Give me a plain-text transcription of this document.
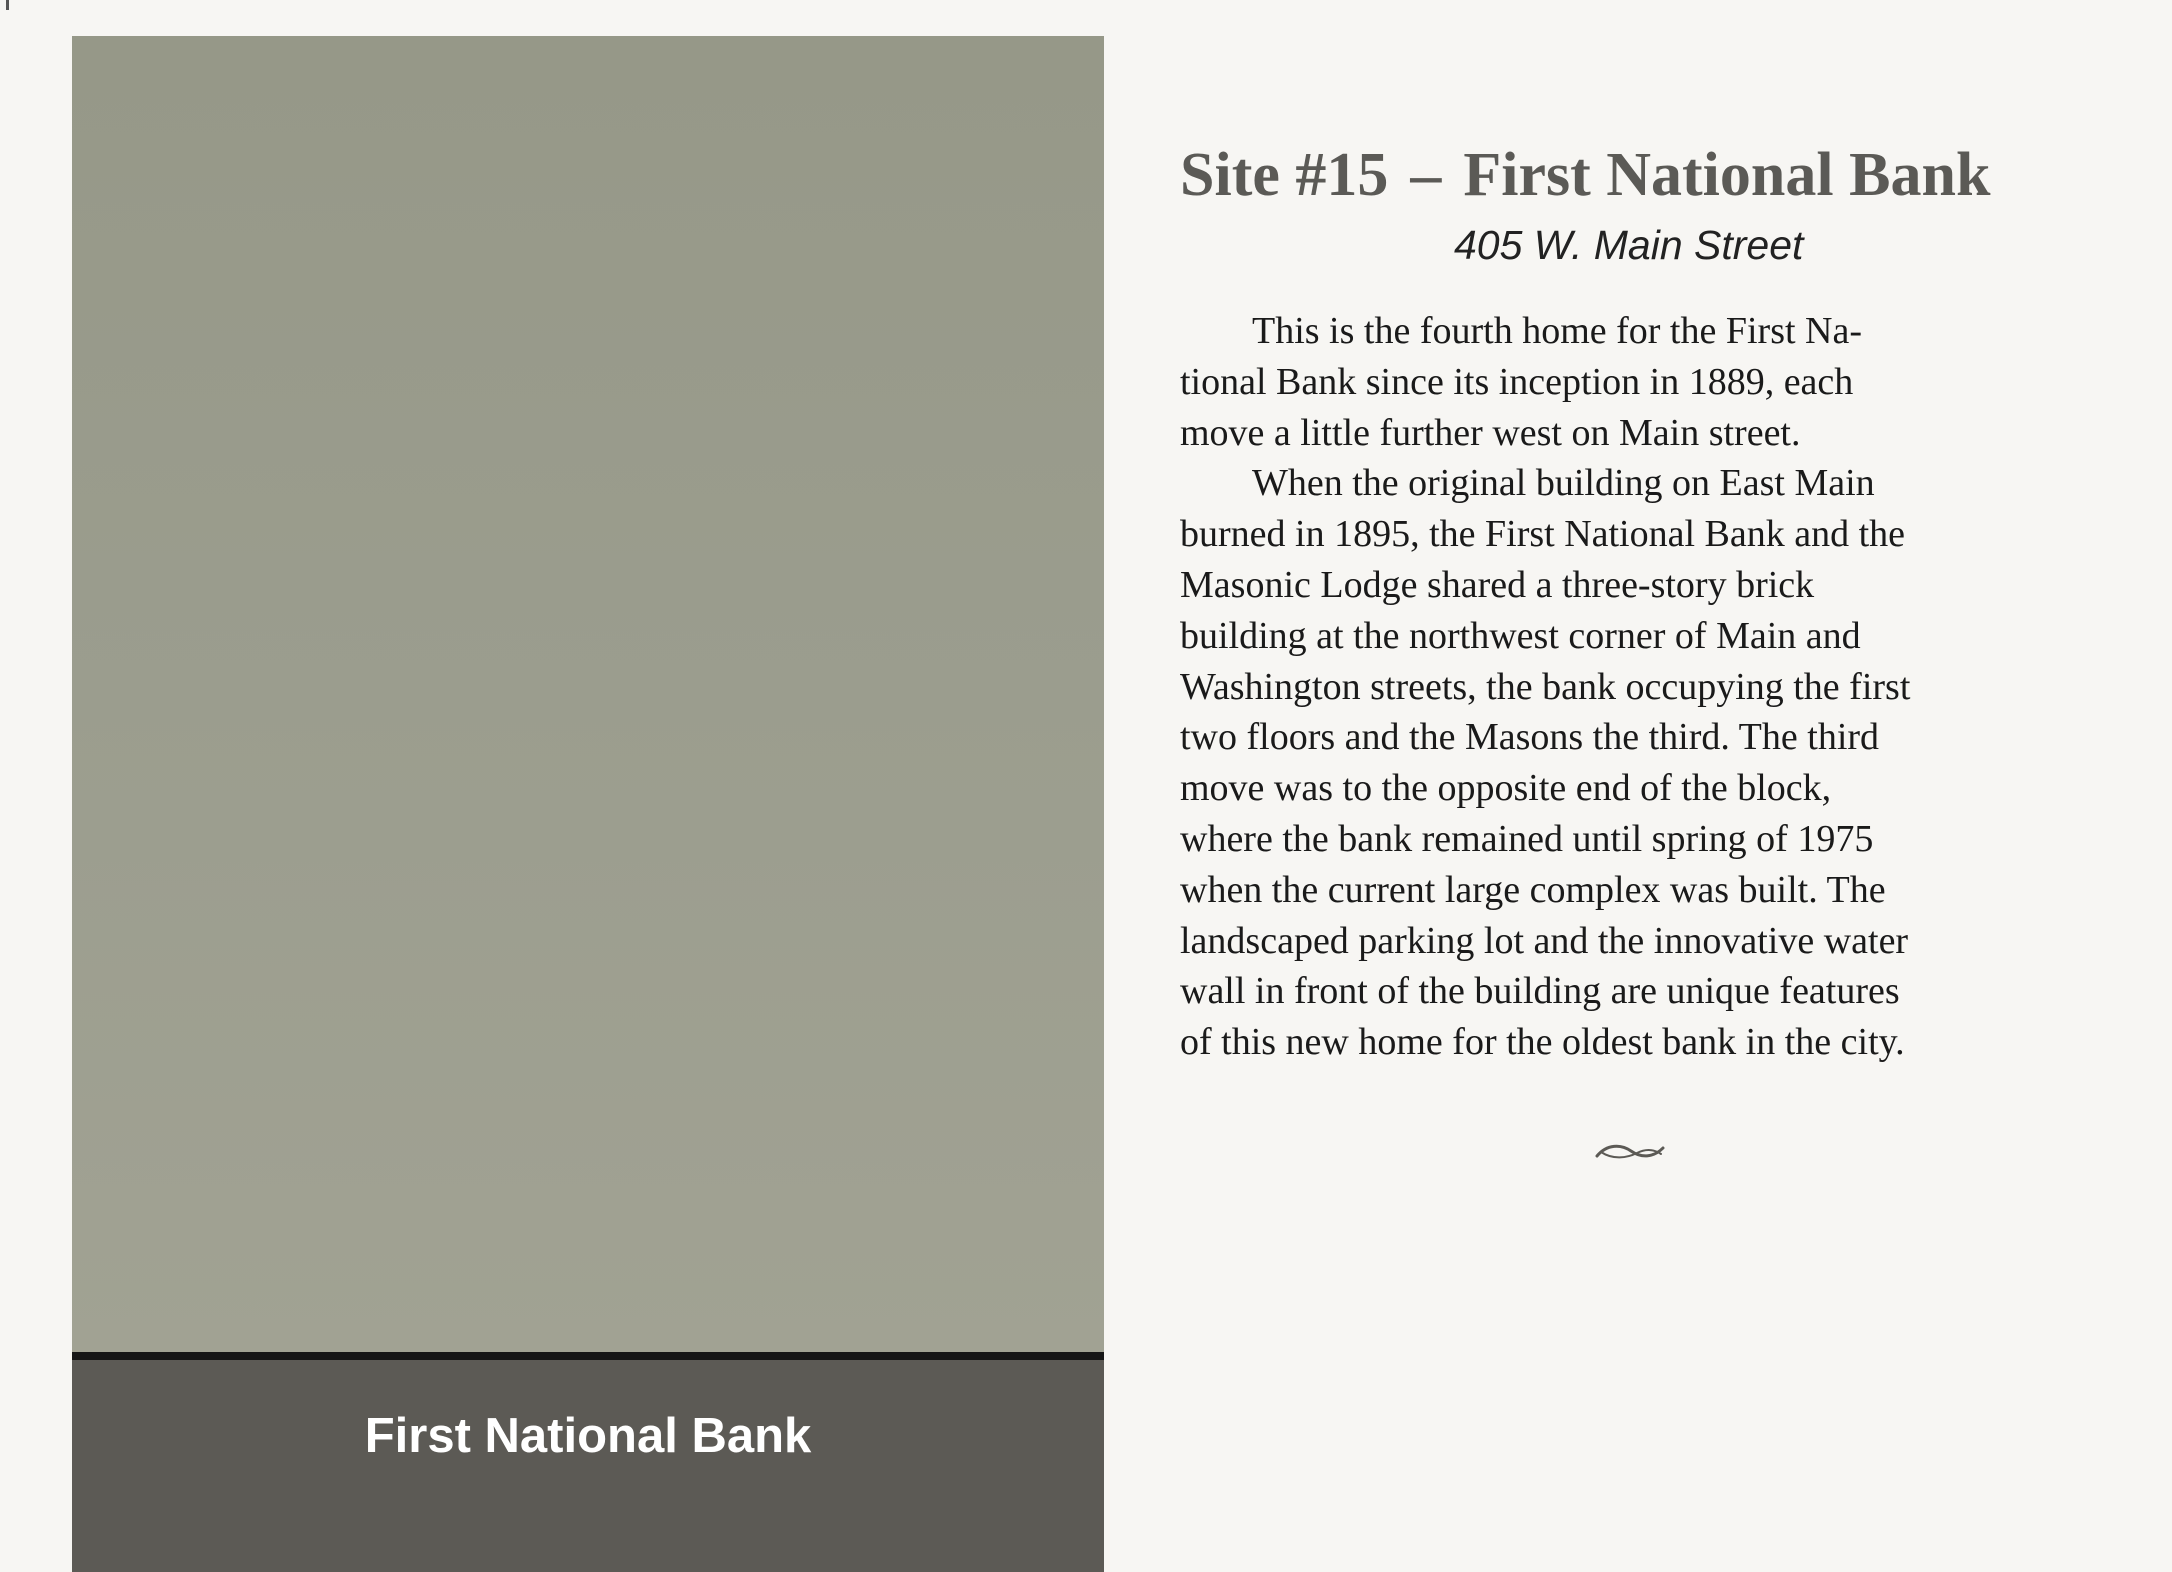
First National Bank
Site #15 – First National Bank

405 W. Main Street

This is the fourth home for the First Na-
tional Bank since its inception in 1889, each
move a little further west on Main street.
When the original building on East Main
burned in 1895, the First National Bank and the
Masonic Lodge shared a three-story brick
building at the northwest corner of Main and
Washington streets, the bank occupying the first
two floors and the Masons the third. The third
move was to the opposite end of the block,
where the bank remained until spring of 1975
when the current large complex was built. The
landscaped parking lot and the innovative water
wall in front of the building are unique features
of this new home for the oldest bank in the city.
